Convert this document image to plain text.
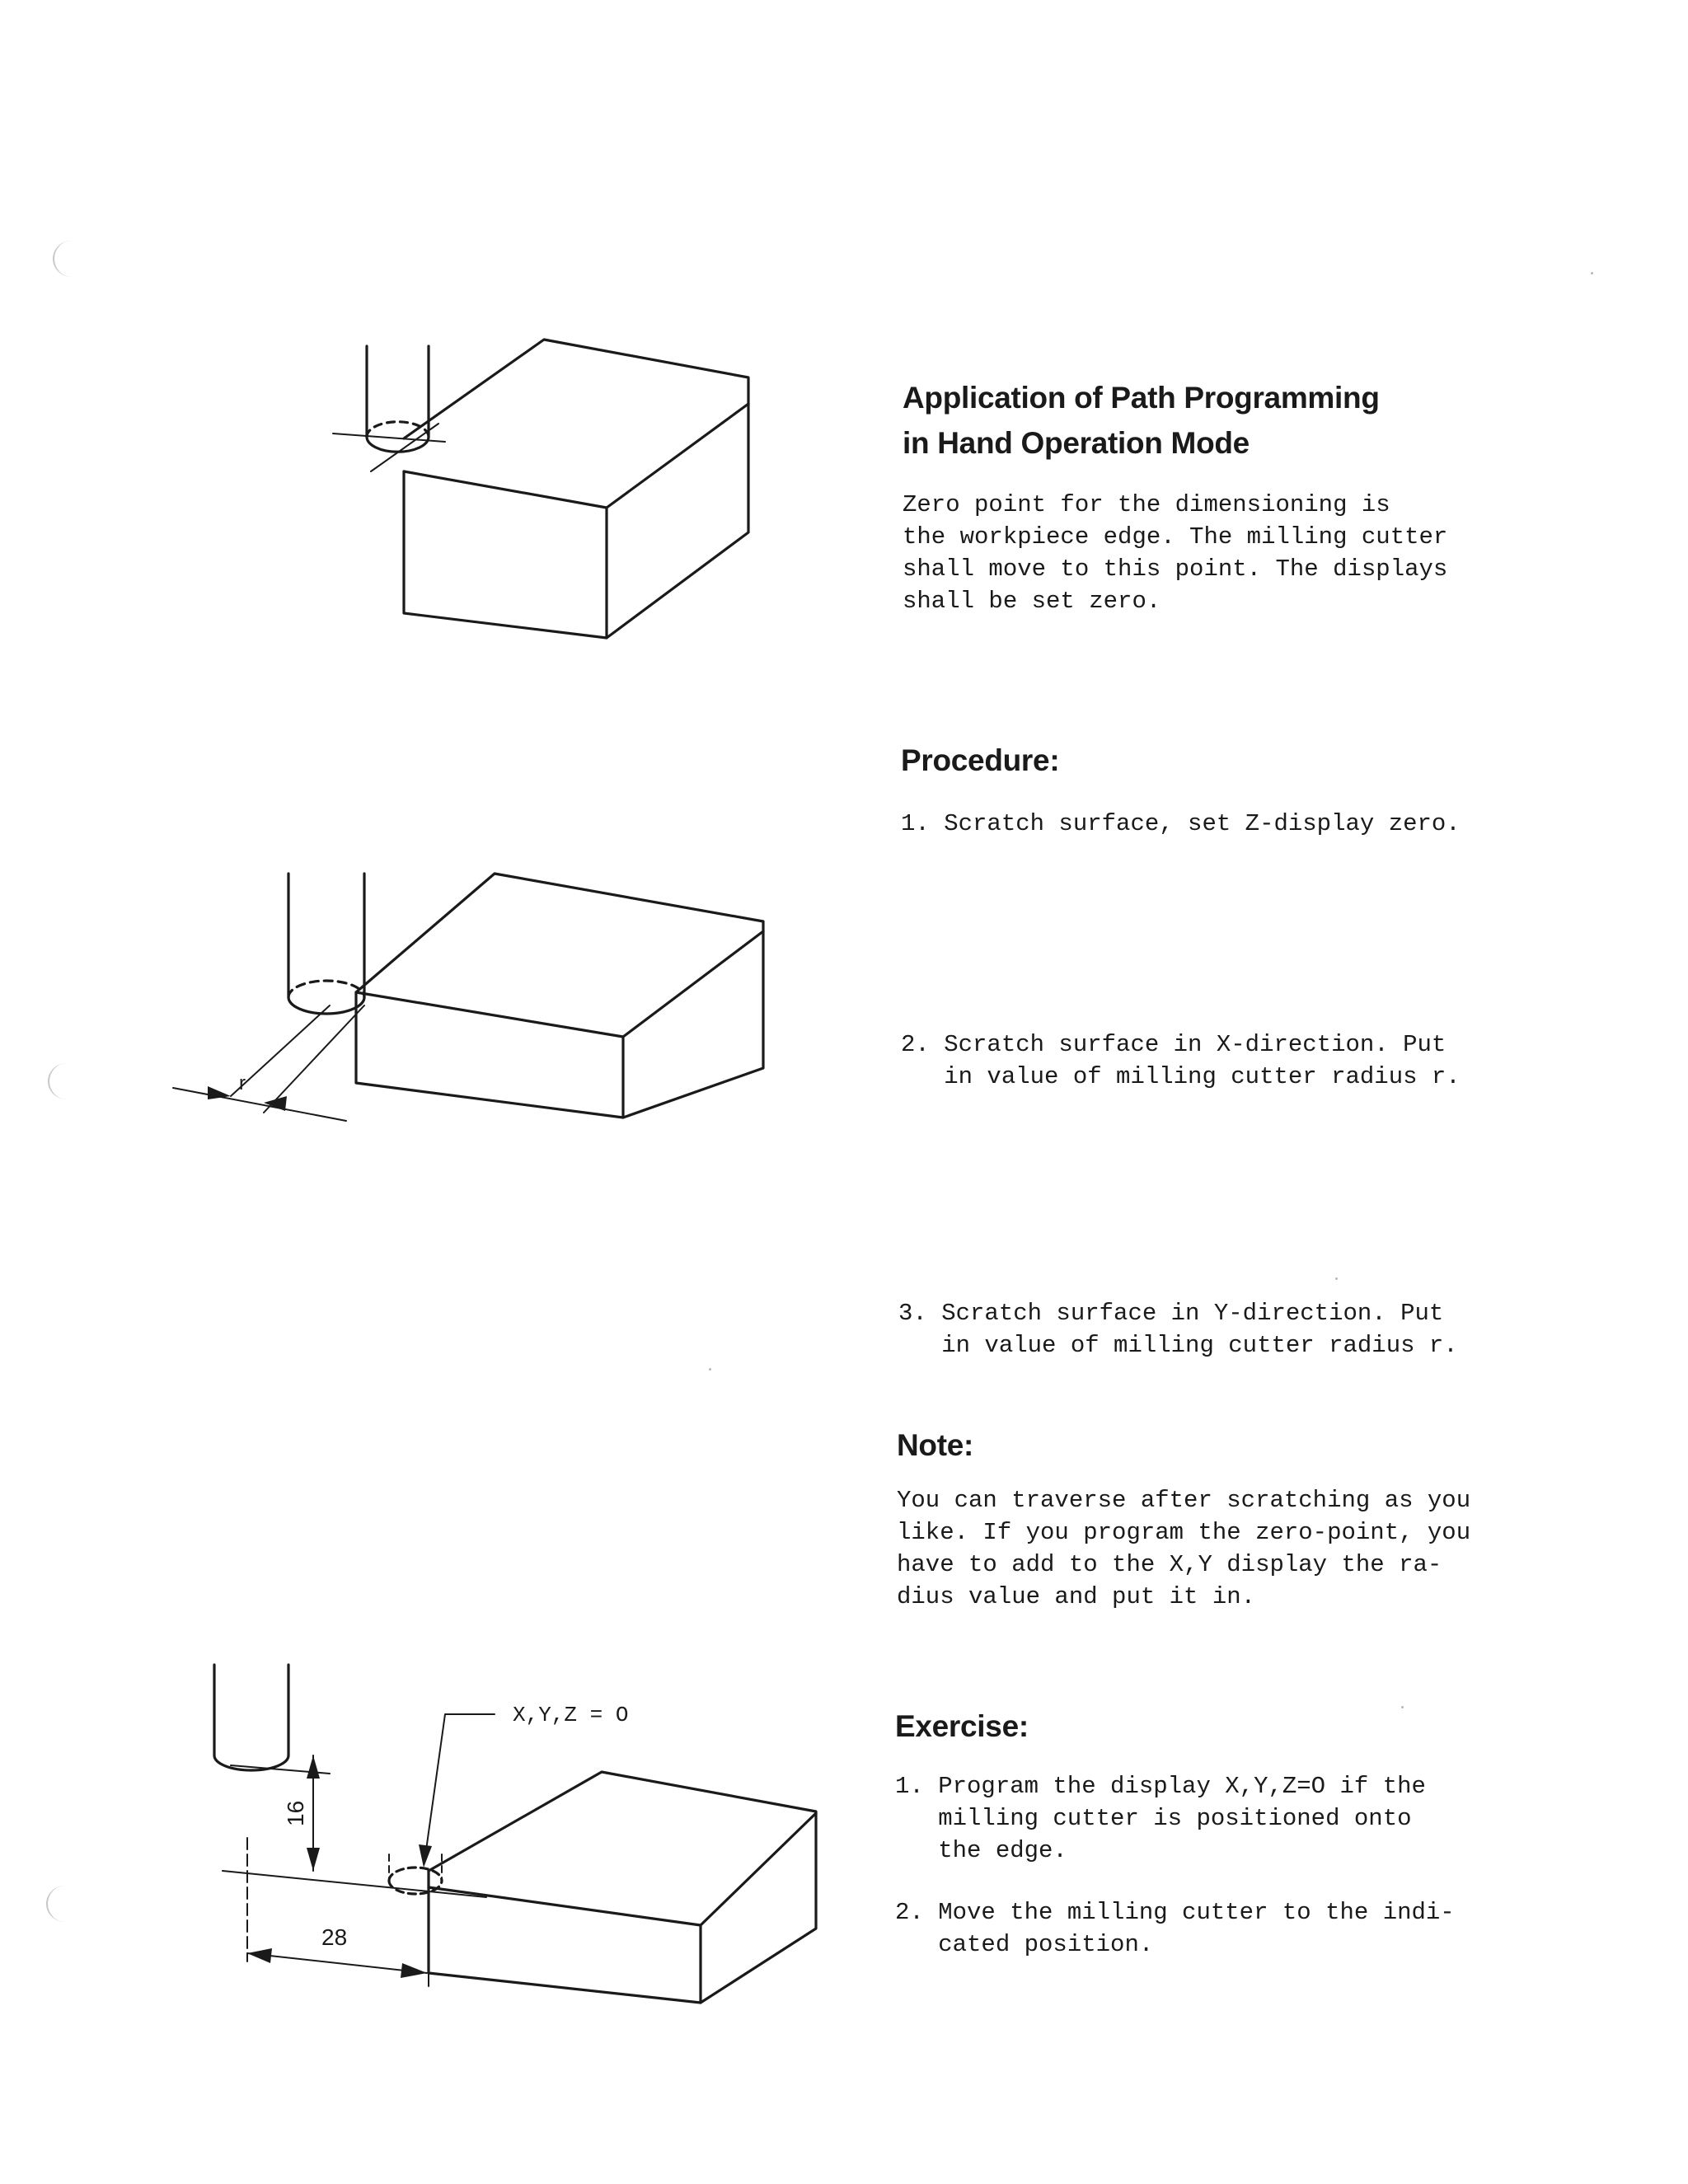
r
X,Y,Z = O
16
28
Application of Path Programming
in Hand Operation Mode
Zero point for the dimensioning is
the workpiece edge. The milling cutter
shall move to this point. The displays
shall be set zero.
Procedure:
1. Scratch surface, set Z-display zero.
2. Scratch surface in X-direction. Put
in value of milling cutter radius r.
3. Scratch surface in Y-direction. Put
in value of milling cutter radius r.
Note:
You can traverse after scratching as you
like. If you program the zero-point, you
have to add to the X,Y display the ra-
dius value and put it in.
Exercise:
1. Program the display X,Y,Z=O if the
milling cutter is positioned onto
the edge.
2. Move the milling cutter to the indi-
cated position.
